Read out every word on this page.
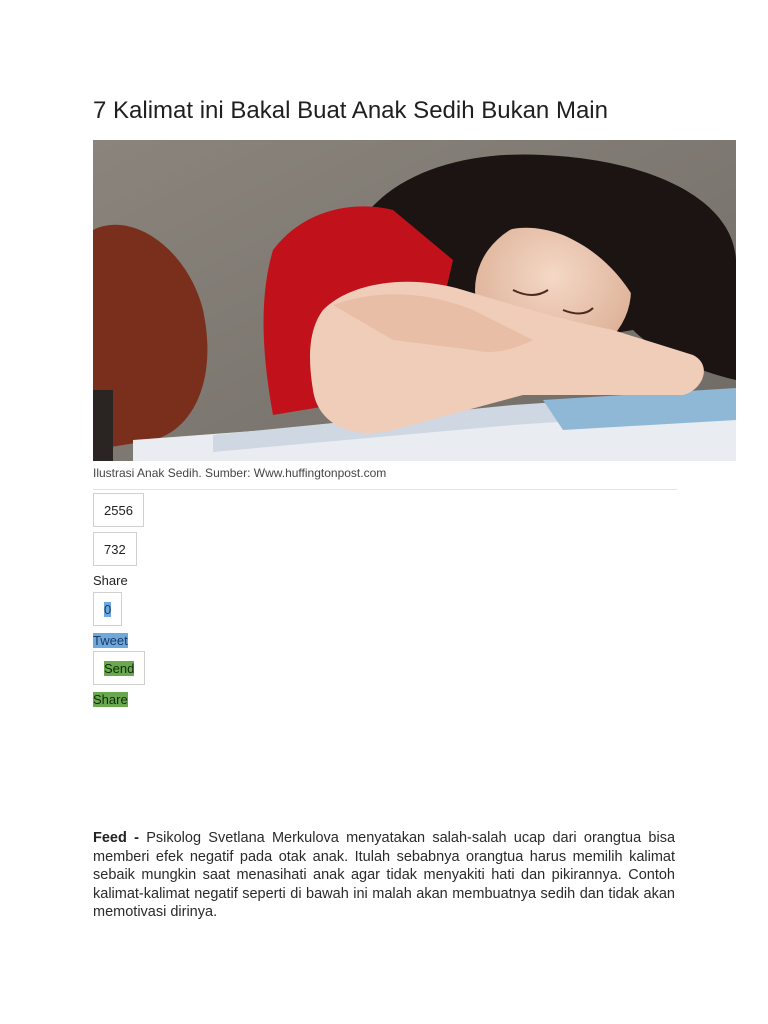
7 Kalimat ini Bakal Buat Anak Sedih Bukan Main
Ilustrasi Anak Sedih. Sumber: Www.huffingtonpost.com
2556
732
Share
0
Tweet
Send
Share

Feed - Psikolog Svetlana Merkulova menyatakan salah-salah ucap dari orangtua bisa memberi efek negatif pada otak anak. Itulah sebabnya orangtua harus memilih kalimat sebaik mungkin saat menasihati anak agar tidak menyakiti hati dan pikirannya. Contoh kalimat-kalimat negatif seperti di bawah ini malah akan membuatnya sedih dan tidak akan memotivasi dirinya.
